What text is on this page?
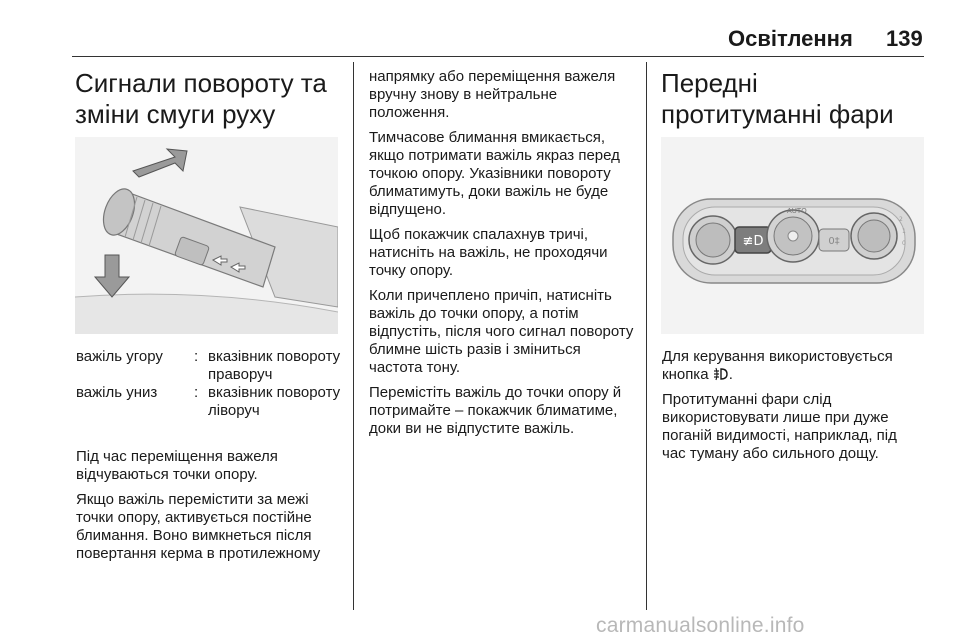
Освітлення 139
Сигнали повороту та зміни смуги руху
важіль угору	: вказівник повороту праворуч
важіль униз	: вказівник повороту ліворуч

Під час переміщення важеля відчуваються точки опору.

Якщо важіль перемістити за межі точки опору, активується постійне блимання. Воно вимкнеться після повертання керма в протилежному

напрямку або переміщення важеля вручну знову в нейтральне положення.

Тимчасове блимання вмикається, якщо потримати важіль якраз перед точкою опору. Указівники повороту блиматимуть, доки важіль не буде відпущено.

Щоб покажчик спалахнув тричі, натисніть на важіль, не проходячи точку опору.

Коли причеплено причіп, натисніть важіль до точки опору, а потім відпустіть, після чого сигнал повороту блимне шість разів і зміниться частота тону.

Перемістіть важіль до точки опору й потримайте – покажчик блиматиме, доки ви не відпустите важіль.

Передні протитуманні фари
≢D
AUTO
0‡
2
1
0

Для керування використовується кнопка .

Протитуманні фари слід використовувати лише при дуже поганій видимості, наприклад, під час туману або сильного дощу.

carmanualsonline.info
